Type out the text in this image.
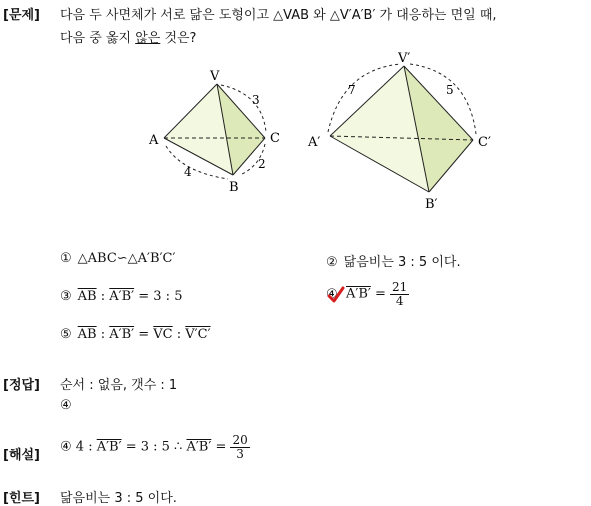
[문제] 다음 두 사면체가 서로 닮은 도형이고 △VAB 와 △V′A′B′ 가 대응하는 면일 때,
다음 중 옳지 않은 것은?
V
A	C
B
3
2
4
V′
A′	C′
B′
7	5
① △ABC∽△A′B′C′	② 닮음비는 3 : 5 이다.
③ $\overline{AB}$ : A′B′ = 3 : 5	④ $A'B' = \frac{21}{4}$
⑤ $\overline{AB}$ : $A'B' = \overline{VC}$ : V′C′
[정답] 순서 : 없음, 갯수 : 1
④
[해설]
④ 4 : A′B′ = 3 : 5 ∴ $A'B' = \frac{20}{3}$
[힌트] 닮음비는 3 : 5 이다.
